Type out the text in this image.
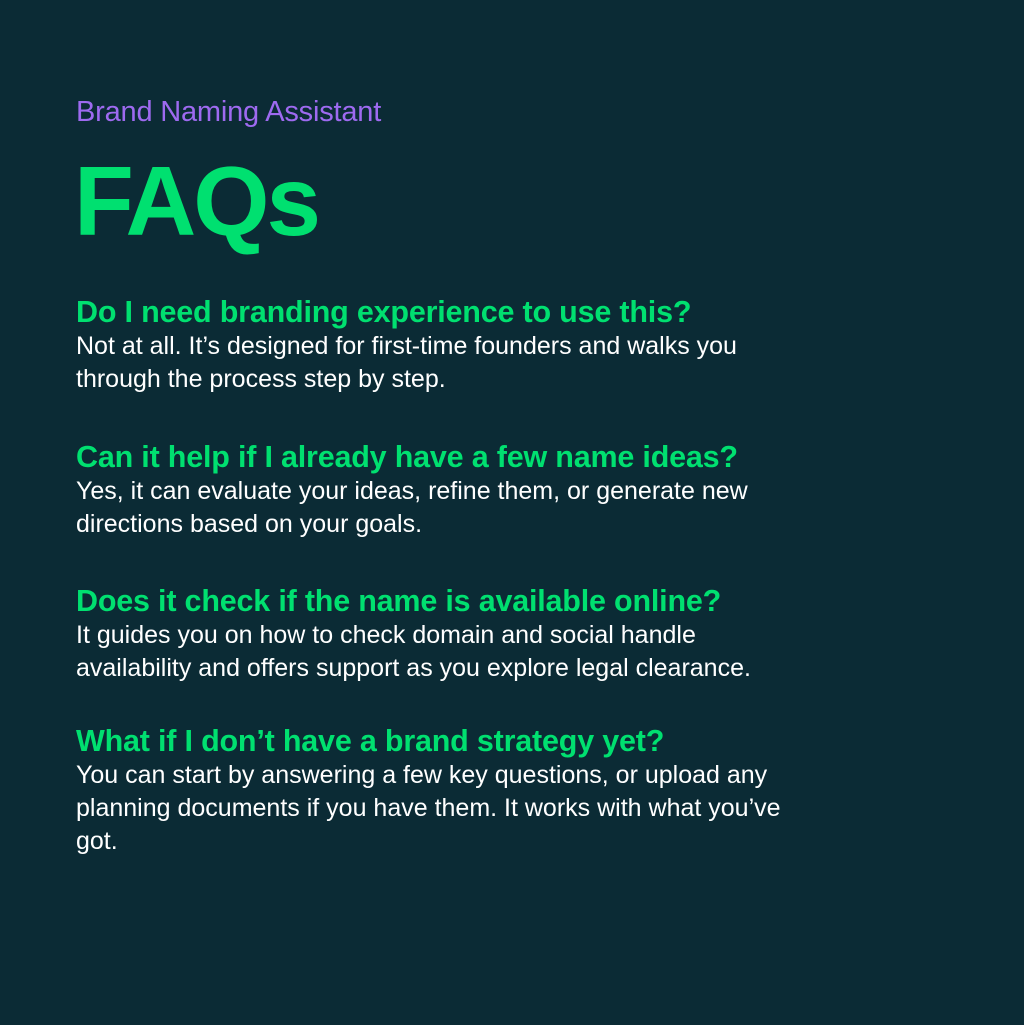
Brand Naming Assistant
FAQs
Do I need branding experience to use this?
Not at all. It’s designed for first-time founders and walks you
through the process step by step.
Can it help if I already have a few name ideas?
Yes, it can evaluate your ideas, refine them, or generate new
directions based on your goals.
Does it check if the name is available online?
It guides you on how to check domain and social handle
availability and offers support as you explore legal clearance.
What if I don’t have a brand strategy yet?
You can start by answering a few key questions, or upload any
planning documents if you have them. It works with what you’ve
got.
